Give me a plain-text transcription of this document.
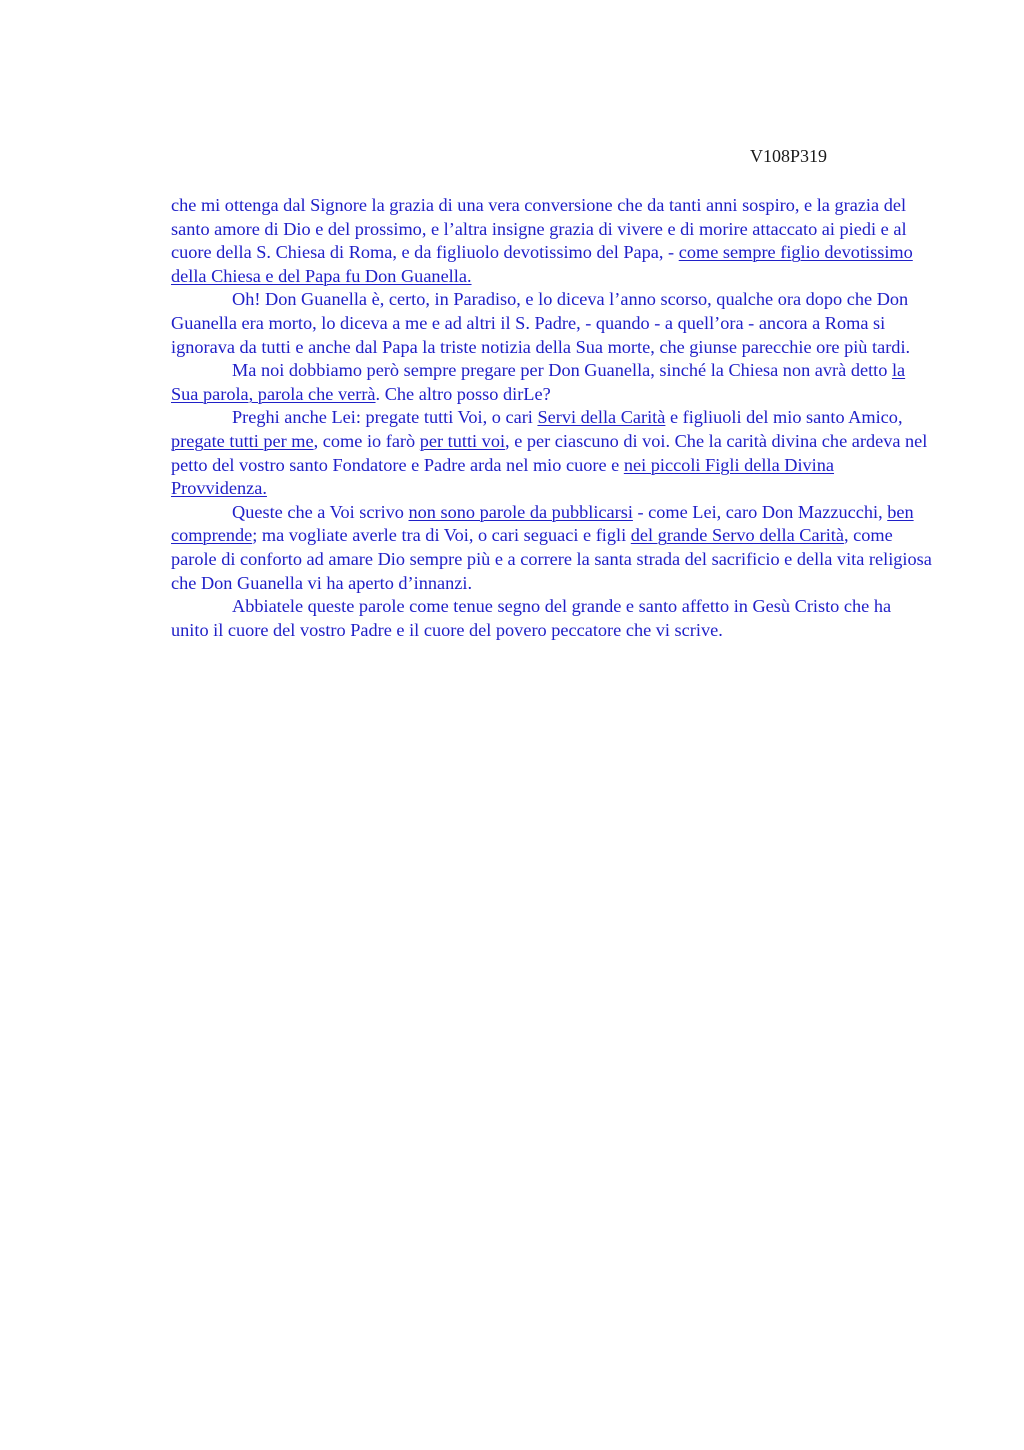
V108P319

che mi ottenga dal Signore la grazia di una vera conversione che da tanti anni sospiro, e la grazia del santo amore di Dio e del prossimo, e l’altra insigne grazia di vivere e di morire attaccato ai piedi e al cuore della S. Chiesa di Roma, e da figliuolo devotissimo del Papa, - come sempre figlio devotissimo della Chiesa e del Papa fu Don Guanella.

Oh! Don Guanella è, certo, in Paradiso, e lo diceva l’anno scorso, qualche ora dopo che Don Guanella era morto, lo diceva a me e ad altri il S. Padre, - quando - a quell’ora - ancora a Roma si ignorava da tutti e anche dal Papa la triste notizia della Sua morte, che giunse parecchie ore più tardi.

Ma noi dobbiamo però sempre pregare per Don Guanella, sinché la Chiesa non avrà detto la Sua parola, parola che verrà. Che altro posso dirLe?

Preghi anche Lei: pregate tutti Voi, o cari Servi della Carità e figliuoli del mio santo Amico, pregate tutti per me, come io farò per tutti voi, e per ciascuno di voi. Che la carità divina che ardeva nel petto del vostro santo Fondatore e Padre arda nel mio cuore e nei piccoli Figli della Divina Provvidenza.

Queste che a Voi scrivo non sono parole da pubblicarsi - come Lei, caro Don Mazzucchi, ben comprende; ma vogliate averle tra di Voi, o cari seguaci e figli del grande Servo della Carità, come parole di conforto ad amare Dio sempre più e a correre la santa strada del sacrificio e della vita religiosa che Don Guanella vi ha aperto d’innanzi.

Abbiatele queste parole come tenue segno del grande e santo affetto in Gesù Cristo che ha unito il cuore del vostro Padre e il cuore del povero peccatore che vi scrive.
